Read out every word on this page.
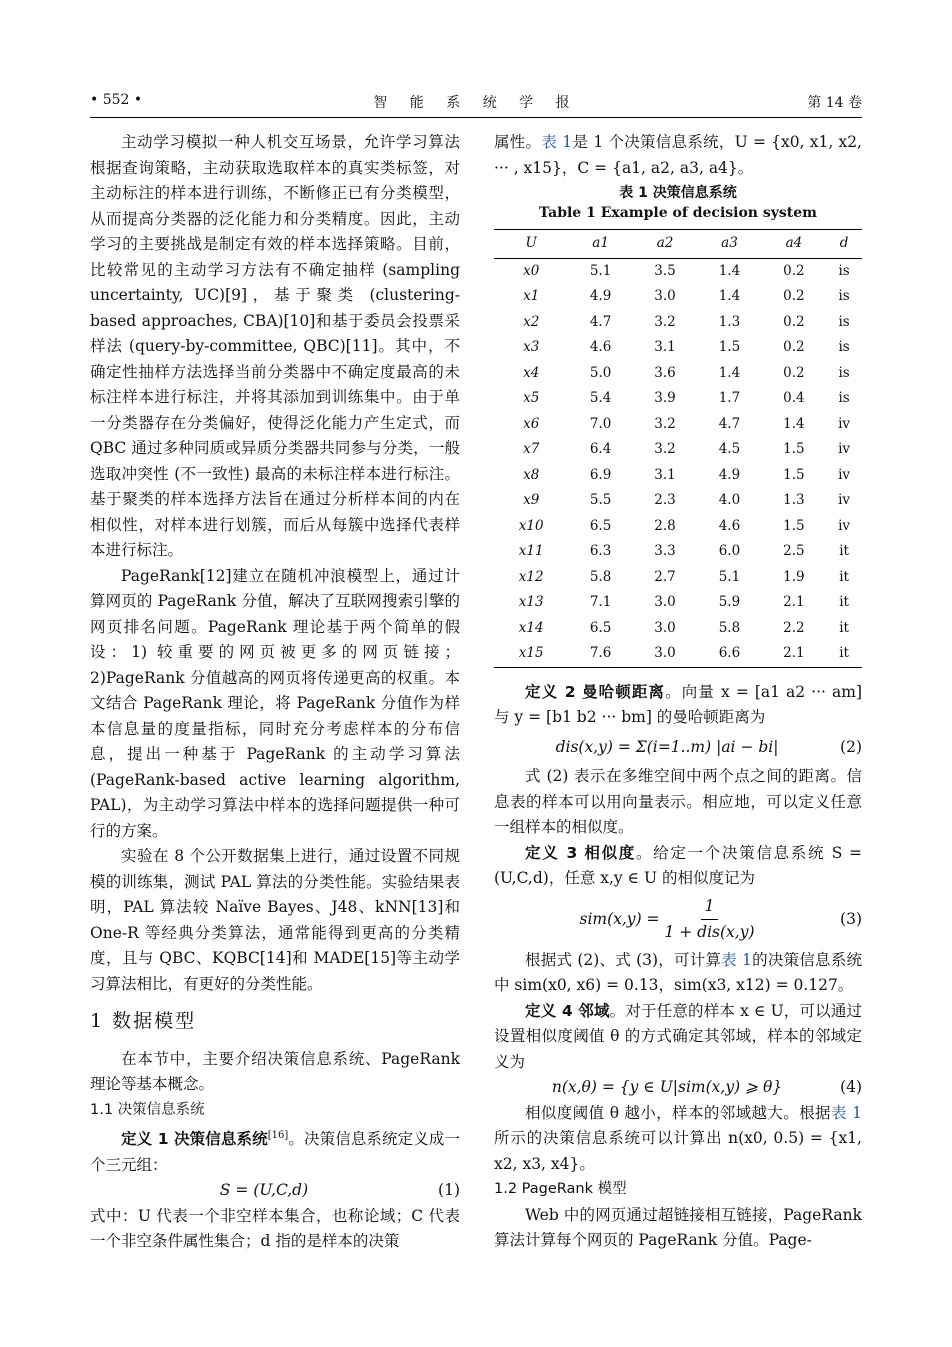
• 552 •	智 能 系 统 学 报	第 14 卷

主动学习模拟一种人机交互场景，允许学习算法根据查询策略，主动获取选取样本的真实类标签，对主动标注的样本进行训练，不断修正已有分类模型，从而提高分类器的泛化能力和分类精度。因此，主动学习的主要挑战是制定有效的样本选择策略。目前，比较常见的主动学习方法有不确定抽样 (sampling uncertainty, UC)[9]，基于聚类 (clustering-based approaches, CBA)[10]和基于委员会投票采样法 (query-by-committee, QBC)[11]。其中，不确定性抽样方法选择当前分类器中不确定度最高的未标注样本进行标注，并将其添加到训练集中。由于单一分类器存在分类偏好，使得泛化能力产生定式，而 QBC 通过多种同质或异质分类器共同参与分类，一般选取冲突性 (不一致性) 最高的未标注样本进行标注。基于聚类的样本选择方法旨在通过分析样本间的内在相似性，对样本进行划簇，而后从每簇中选择代表样本进行标注。

PageRank[12]建立在随机冲浪模型上，通过计算网页的 PageRank 分值，解决了互联网搜索引擎的网页排名问题。PageRank 理论基于两个简单的假设：1) 较重要的网页被更多的网页链接；2)PageRank 分值越高的网页将传递更高的权重。本文结合 PageRank 理论，将 PageRank 分值作为样本信息量的度量指标，同时充分考虑样本的分布信息，提出一种基于 PageRank 的主动学习算法 (PageRank-based active learning algorithm, PAL)，为主动学习算法中样本的选择问题提供一种可行的方案。

实验在 8 个公开数据集上进行，通过设置不同规模的训练集，测试 PAL 算法的分类性能。实验结果表明，PAL 算法较 Naïve Bayes、J48、kNN[13]和 One-R 等经典分类算法，通常能得到更高的分类精度，且与 QBC、KQBC[14]和 MADE[15]等主动学习算法相比，有更好的分类性能。

1 数据模型

在本节中，主要介绍决策信息系统、PageRank 理论等基本概念。

1.1 决策信息系统

定义 1 决策信息系统[16]。决策信息系统定义成一个三元组：

S = (U,C,d)	(1)

式中：U 代表一个非空样本集合，也称论域；C 代表一个非空条件属性集合；d 指的是样本的决策

属性。表 1是 1 个决策信息系统，U = {x0, x1, x2, ··· , x15}，C = {a1, a2, a3, a4}。

表 1 决策信息系统
Table 1 Example of decision system
U	a1	a2	a3	a4	d
x0	5.1	3.5	1.4	0.2	is
x1	4.9	3.0	1.4	0.2	is
x2	4.7	3.2	1.3	0.2	is
x3	4.6	3.1	1.5	0.2	is
x4	5.0	3.6	1.4	0.2	is
x5	5.4	3.9	1.7	0.4	is
x6	7.0	3.2	4.7	1.4	iv
x7	6.4	3.2	4.5	1.5	iv
x8	6.9	3.1	4.9	1.5	iv
x9	5.5	2.3	4.0	1.3	iv
x10	6.5	2.8	4.6	1.5	iv
x11	6.3	3.3	6.0	2.5	it
x12	5.8	2.7	5.1	1.9	it
x13	7.1	3.0	5.9	2.1	it
x14	6.5	3.0	5.8	2.2	it
x15	7.6	3.0	6.6	2.1	it

定义 2 曼哈顿距离。向量 x = [a1 a2 ··· am] 与 y = [b1 b2 ··· bm] 的曼哈顿距离为

dis(x,y) = Σ(i=1..m) |ai − bi|	(2)

式 (2) 表示在多维空间中两个点之间的距离。信息表的样本可以用向量表示。相应地，可以定义任意一组样本的相似度。

定义 3 相似度。给定一个决策信息系统 S = (U,C,d)，任意 x,y ∈ U 的相似度记为

$sim(x,y) = \frac{1}{\text{1 + dis(x,y)}}$	(3)

根据式 (2)、式 (3)，可计算表 1的决策信息系统中 sim(x0, x6) = 0.13，sim(x3, x12) = 0.127。

定义 4 邻域。对于任意的样本 x ∈ U，可以通过设置相似度阈值 θ 的方式确定其邻域，样本的邻域定义为

n(x,θ) = {y ∈ U|sim(x,y) ⩾ θ}	(4)

相似度阈值 θ 越小，样本的邻域越大。根据表 1所示的决策信息系统可以计算出 n(x0, 0.5) = {x1, x2, x3, x4}。

1.2 PageRank 模型

Web 中的网页通过超链接相互链接，PageRank 算法计算每个网页的 PageRank 分值。Page-
